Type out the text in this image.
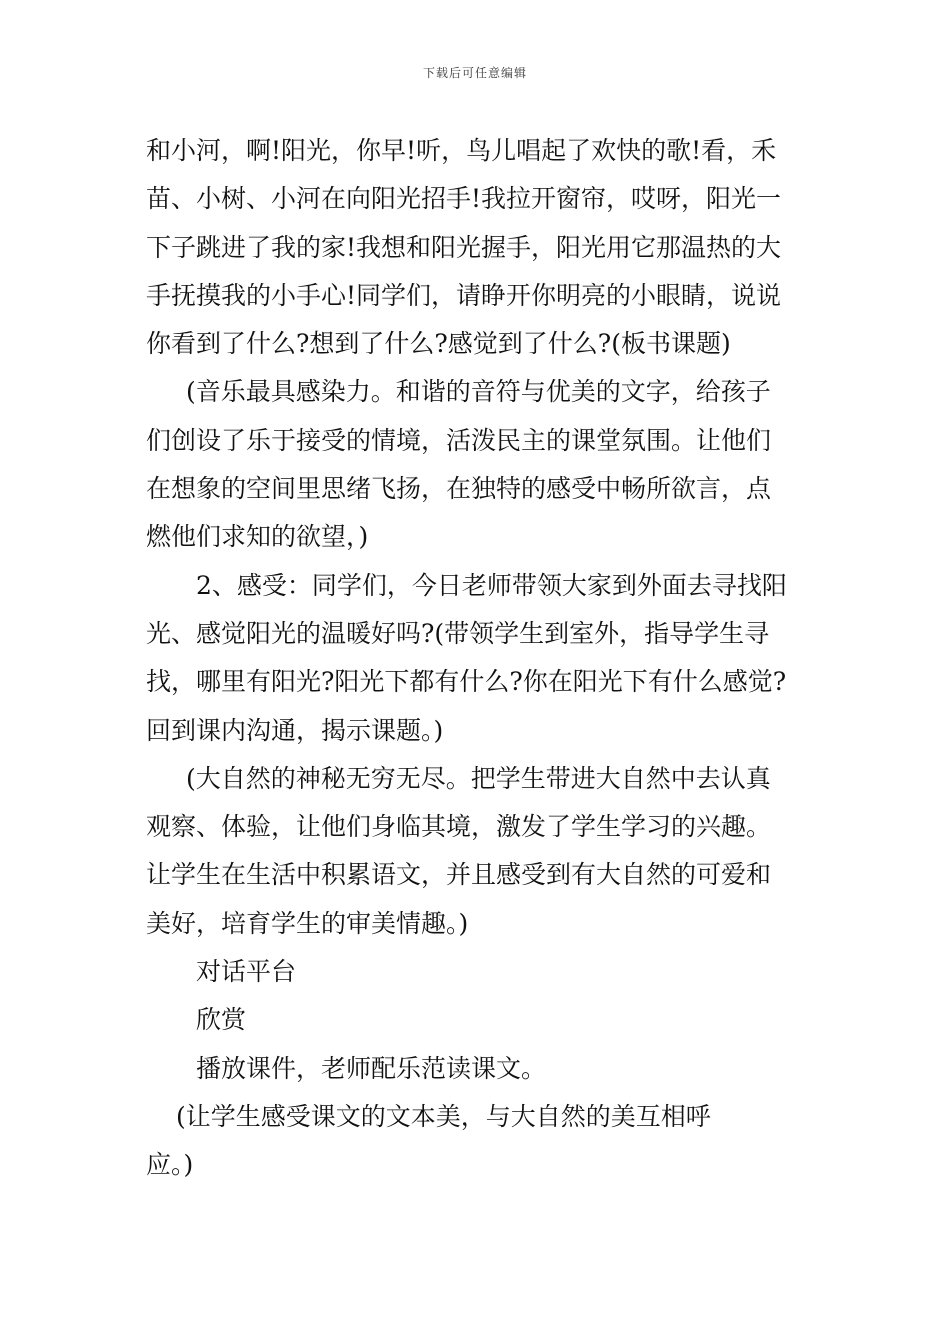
下载后可任意编辑
和小河，啊!阳光，你早!听，鸟儿唱起了欢快的歌!看，禾
苗、小树、小河在向阳光招手!我拉开窗帘，哎呀，阳光一
下子跳进了我的家!我想和阳光握手，阳光用它那温热的大
手抚摸我的小手心!同学们，请睁开你明亮的小眼睛，说说
你看到了什么?想到了什么?感觉到了什么?(板书课题)
(音乐最具感染力。和谐的音符与优美的文字，给孩子
们创设了乐于接受的情境，活泼民主的课堂氛围。让他们
在想象的空间里思绪飞扬，在独特的感受中畅所欲言，点
燃他们求知的欲望，)
2、感受：同学们，今日老师带领大家到外面去寻找阳
光、感觉阳光的温暖好吗?(带领学生到室外，指导学生寻
找，哪里有阳光?阳光下都有什么?你在阳光下有什么感觉?
回到课内沟通，揭示课题。)
(大自然的神秘无穷无尽。把学生带进大自然中去认真
观察、体验，让他们身临其境，激发了学生学习的兴趣。
让学生在生活中积累语文，并且感受到有大自然的可爱和
美好，培育学生的审美情趣。)
对话平台
欣赏
播放课件，老师配乐范读课文。
(让学生感受课文的文本美，与大自然的美互相呼
应。)
